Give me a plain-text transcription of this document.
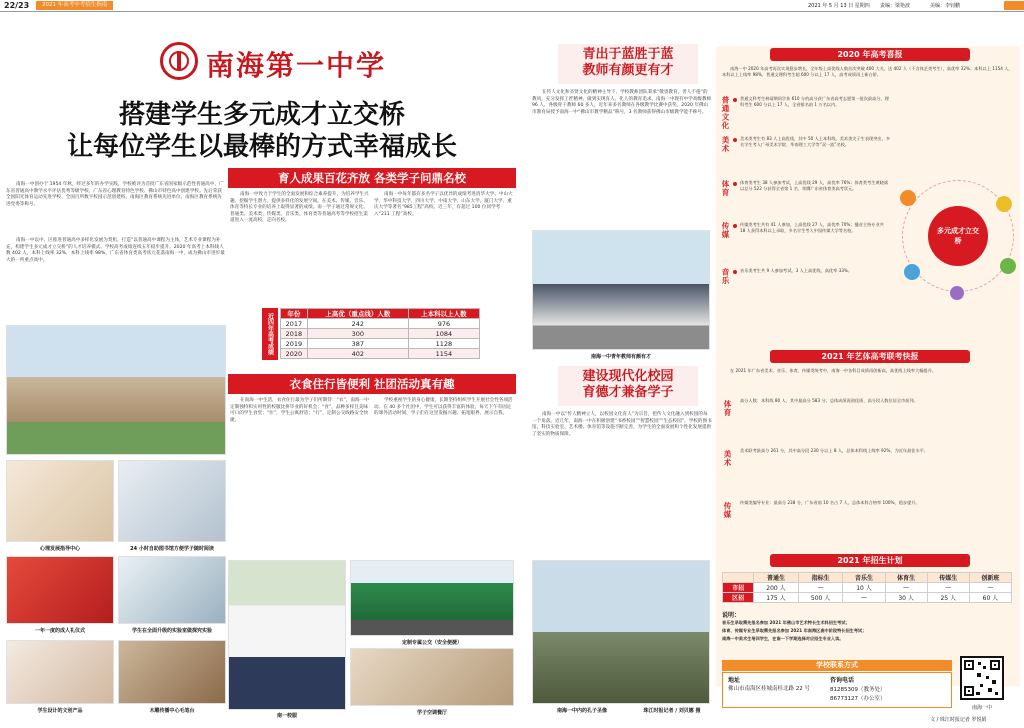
22/23	2021 年高考中考招生指南	2021 年 5 月 13 日 星期四 责编：梁艳波	美编：李钊鹏
南海第一中学
搭建学生多元成才立交桥
让每位学生以最棒的方式幸福成长
南海一中创办于 1954 年秋，经过多年的办学实践，学校被评为首批广东省国家级示范性普通高中、广东省普通高中教学水平评估优秀等级学校、广东省心理教育特色学校、佛山市特色高中创建学校。先后荣获全国阳光体育运动先进学校、全国百所数字校园示范创建校、南海区教育系统先进单位、南海区教育系统先进党委等称号。
南海一中以中、区推进普通高中多样化发展为契机，打造“以普通高中课程为主体，艺术专业课程为补充，构建学生多元成才立交桥”的人才培养模式。学校高考成绩连续五年稳步提升。2020 年高考上本科线人数 402 人，本科上线率 32%，本科上线率 98%，广东省体育类高考状元花落南海一中，成为佛山市进步最大的一所重点高中。
心理发展指导中心	24 小时自助图书馆方便学子随时阅读
一年一度的成人礼仪式	学生在全面升级的实验室做探究实验
学生设计的文创产品	木雕传播中心毛笔台
育人成果百花齐放 各类学子问鼎名校
南海一中致力于学生的全面发展和综合素养提升，为培养学生兴趣、挖掘学生潜力，提供多样化的发展空间。在美术、传媒、音乐、体育等特长专业的培养上取得显著的成绩。南一学子通过常规文化、普通类、美术类、传媒类、音乐类、体育类等普通高考等学校招生渠道进入一流高校，走向名校。
南海一中每年都有多名学子以优异的成绩考进清华大学、中山大学、华中科技大学、四川大学、中南大学、山东大学、厦门大学、重庆大学等著名“985工程”高校。近三年，有超过 100 位同学考入“211 工程”高校。
近四年高考成绩 年份	上高优（重点线）人数	上本科以上人数
2017	242	976
2018	300	1084
2019	387	1128
2020	402	1154
衣食住行皆便利 社团活动真有趣
在南海一中生活，衣食住行最为学子们所期待：“衣”，南海一中定制独特和实用性的校服比拼毕业的好机会；“食”，品种多样且美味可口的学生食堂；“住”，学生公寓舒适；“行”，定制公交线路安全快捷。
学校重视学生的身心健康，长期坚持组织学生开展社会性各项活动。在 40 多个社团中，学生可以获得丰富的体验，每天下午有固定的课外活动时间，学子们在这里发掘兴趣、拓宽眼界、展示自我。
南一校服
定制专属公交（安全便捷）
学子空调餐厅
青出于蓝胜于蓝
教师有颜更有才
在传人文化和圣贤文化的精神主导下，学校教师团队秉承“敬畏教育，善人不倦”的教风，充分发挥工匠精神，做到实现育人、化人的教育追求。南海一中现有中学高级教师 96 人、各级骨干教师 60 多人，近年来多名教师在各级教学比赛中获奖。2020 年佛山市教育局授予南海一中“佛山市教学精品”称号，3 名教师获得佛山市级教学能手称号。
南海一中青年教师有颜有才
建设现代化校园
育德才兼备学子
南海一中以“传人精神立人，以校园文化育人”为宗旨，把传人文化融入到校园的每一个角落。近几年，南海一中在积极创建“书香校园”“智慧校园”“生态校园”，学校的图书馆、科技实验室、艺术楼、体育馆等设施不断完善，为学生的全面发展和个性化发展提供了坚实的物质保障。
南海一中内的孔子圣像	珠江时报记者 / 刘贝娜 摄
2020 年高考喜报
南海一中 2020 年高考再次实现稳步增长，全年级上高优线人数首次突破 400 大关，达 402 人（不含体艺类考生），高优率 32%；本科以上 1154 人，本科以上上线率 98%，普通文理科考生超 600 分以上 17 人，高考成绩再上新台阶。
普通文化 普通文科考生林靖期同学获 610 分的高分获广东省高考志愿第一批次最高分，理科考生 600 分以上 17 人，全省排名前 1 万名以内。
美术 美术类考生有 83 人上高优线，其中 50 人上本科线，美术类尖子生表现突出，多名学生考入广州美术学院、华南理工大学等“双一流”名校。
体育 体育类考生 38 人参加考试，上高优线 29 人，高优率 76%；体育类考生黄晓斌以总分 522 分获得全省第 1 名、荣膺广东省体育类高考状元。
传媒 传媒类考生共有 41 人参加，上高优线 27 人，高优率 70%；播音主持专业共 18 人获得本科以上录取，多名学生考入中国传媒大学等名校。
音乐 音乐类考生共 9 人参加考试，3 人上高优线，高优率 33%。
多元成才立交桥
2021 年艺体高考联考快报
在 2021 年广东省美术、音乐、体育、传媒类统考中，南海一中各科目成绩再创新高，高优线上线率大幅提升。
体育 高分人数：本科线 80 人，其中最高分 583 分；总体成绩再创佳绩，高分段人数位居全市前列。
美术 美术联考最高分 261 分，其中高分段 230 分以上 8 人，总体本科线上线率 92%，为近年最佳水平。
传媒 传媒类编导专业：最高分 238 分，广东省前 10 名占 7 人，总体本科合格率 100%，稳步提升。
2021 年招生计划
	普通生	指标生	音乐生	体育生	传媒生	创新班
市招	200 人	—	10 人	—	—	—
区招	175 人	500 人	—	30 人	25 人	60 人
说明：
音乐生录取需先报名参加 2021 年佛山市艺术特长生术科招生考试；
体育、传媒专业生录取需先报名参加 2021 年南海区高中阶段特长招生考试；
南海一中美术生培训学生，在南一下学期选择对应招生专业入读。
学校联系方式
地址
佛山市南海区桂城南桂北路 22 号
咨询电话
81285309（教务处）
86773127（办公室）
南海一中
文 / 珠江时报记者 罗悦娟
